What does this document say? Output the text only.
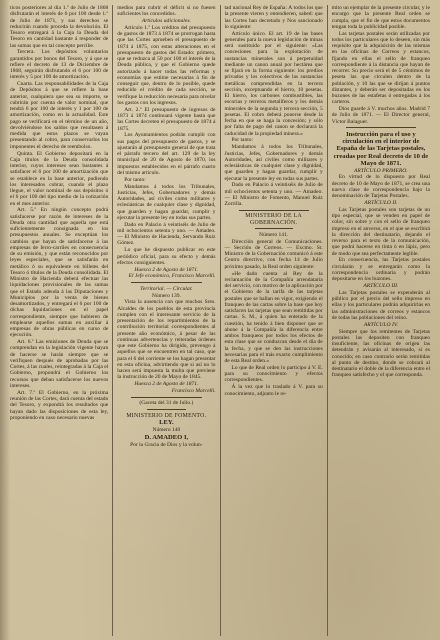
ticos posteriores al dia 1.º de Julio de 1868 disfrutarán el interés de 6 por 100 desde 1.º de Julio de 1871, y sus derechos se reducirán cuando proceda la devolución. El Tesoro entregará á la Caja la Deuda del Tesoro en cantidad bastante á responder de las sumas que en tal concepto percibe.

Tercera. Los depósitos voluntarios garantidos por bonos del Tesoro, y á que se refiere el decreto de 13 de Diciembre de 1868, seguirán disfrutando el 6 por 100 de interés y 5 por 100 de amortización.

Cuarta. Las responsabilidades de la Caja de Depósitos á que se refiere la base anterior, cualquiera que sea su importe, se cubrirán por cuenta de valor nominal, que tendrá 6 por 100 de interés y 1 por 100 de amortización, como en la actualidad. Este pago se verificará en el término de un año, devolviéndose los saldos que resultasen á medida que estos plazos se vayan presentando al cobro, para conservarlos los imponentes el derecho de reembolso.

Quinta. El Gobierno depositará en la Caja títulos de la Deuda consolidada interior, cuyos intereses sean bastantes á satisfacer el 6 por 100 de amortización que se establece en la base anterior, pudiendo los interesados cobrar, cuando el plazo llegue, el valor nominal de sus depósitos ó el 6 por 100 del tipo medio de la cotización en el mes anterior.

Art. 5.º En ningún concepto podrá satisfacerse por razón de intereses de la Deuda otra cantidad que aquella que está suficientemente consignada en los presupuestos anuales. Se exceptúan los cambios que hayan de satisfacerse á las empresas de ferro-carriles en consecuencia de su emisión, y que están reconocidos por leyes especiales, que se satisfarán en metálico ó su equivalente en billetes del Tesoro ó títulos de la Deuda consolidada. El Ministro de Hacienda deberá efectuar las liquidaciones provisionales de las sumas que el Estado adeuda á las Diputaciones y Municipios por la venta de bienes desamortizados, y entregará el 6 por 100 de dichas liquidaciones en el papel correspondiente, siempre que hubieren de emplearse aquellos sumas en auxiliar á empresas de obras públicas en curso de ejecución.

Art. 6.º Las emisiones de Deuda que se comprendan en la legislación vigente hayan de hacerse se harán siempre que se verifiquen después de aprobadas por las Cortes, á las cuales, reintegradas á la Caja el Gobierno, propondrá el Gobierno los recursos que deban satisfacerse los nuevos intereses.

Art. 7.º El Gobierno, en la próxima reunión de las Cortes, dará cuenta del estado del Tesoro, y expondrá los resultados que hayan dado las disposiciones de esta ley, proponiendo en caso necesario nuevas

medios para cubrir el déficit si no fuesen suficientes los concedidos.

Artículos adicionales.

Artículo 1.º Los créditos del presupuesto de gastos de 1873 á 1874 se prorrogan hasta que las Cortes aprueben el presupuesto de 1874 á 1875, con estas alteraciones en el presupuesto de gastos del Estado: primero, que se reduzca al 50 por 100 el interés de la Deuda pública, y que el Gobierno quede autorizado á hacer todas las reformas y economías que estime necesarias á fin de conseguir que, dentro de lo posible, quede reducido el crédito de cada sección, se verifique la reducción necesaria para nivelar los gastos con los ingresos.

Art. 2.º El presupuesto de ingresos de 1873 á 1874 continuará vigente hasta que las Cortes decreten el presupuesto de 1874 á 1875.

Los Ayuntamientos podrán cumplir con sus pagos del presupuesto de gastos, y se ajustarán al presupuesto general de que trata el párrafo tercero del art. 129 de la ley municipal de 20 de Agosto de 1870, los impuestos establecidos en el párrafo cuarto del mismo artículo.

Por tanto:

Mandamos á todos los Tribunales, Justicias, Jefes, Gobernadores y demás Autoridades, así civiles como militares y eclesiásticas de cualquier clase y dignidad, que guarden y hagan guardar, cumplir y ejecutar la presente ley en todas sus partes.

Dado en Palacio á veintiséis de Julio de mil ochocientos setenta y uno. — Amadeo. — El Ministro de Hacienda, Servando Ruiz Gómez.

Lo que he dispuesto publicar en este periódico oficial, para su efecto y demás efectos consiguientes.

Huesca 2 de Agosto de 1871.

El Jefe económico, Francisco Marcelli.

Territorial. — Circular.

Número 139.

Vista la ausencia con que muchos Sres. Alcaldes de los pueblos de esta provincia cumplen con el interesante servicio de la presentación de los repartimientos de la contribución territorial correspondientes al presente año económico, á pesar de las continuas advertencias y reiteradas órdenes que este Gobierno ha dirigido, prevengo á aquellos que se encuentren en tal caso, que para el 6 del corriente se los hagan presentar en esta oficina, advirtiendo que si así no lo hacen será impuesta la multa que previene la instrucción de 20 de Mayo de 1845.

Huesca 2 de Agosto de 1871.

Francisco Marcelli.

(Gaceta del 31 de Julio.)

MINISTERIO DE FOMENTO.

LEY.

Número 140

D. AMADEO I,

Por la Gracia de Dios y la volun-

tad nacional Rey de España: Á todos los que la presente vieren y entendieren, sabed: que las Cortes han decretado y Nos sancionado lo siguiente:

Artículo único. El art. 19 de las bases generales para la nueva legislación de minas será sustituido por el siguiente: «Las concesiones para la explotación de sustancias minerales son á perpetuidad mediante un canon anual por hectárea que se fijará en la forma siguiente: los predios privados y los colectivos de las sustancias metálicas comprendidas en la tercera sección, exceptuando el hierro, 10 pesetas. El hierro, los carbones combustibles, las escorias y terreros metalíferos y los demás minerales de la segunda y tercera sección, 5 pesetas. El cobro deberá ponerse desde la fecha en que se haga la concesión; y sólo por falta de pago del canon se declarará la caducidad de la propiedad minera.»

Por tanto:

Mandamos á todos los Tribunales, Justicias, Jefes, Gobernadores y demás Autoridades, así civiles como militares y eclesiásticas de cualquier clase y dignidad, que guarden y hagan guardar, cumplir y ejecutar la presente ley en todas sus partes.

Dado en Palacio á veintiséis de Julio de mil ochocientos setenta y uno. — Amadeo. — El Ministro de Fomento, Manuel Ruiz Zorrilla.

MINISTERIO DE LA GOBERNACIÓN.

Número 141.

Dirección general de Comunicaciones. — Sección de Correos. — Excmo. Sr. Ministro de la Gobernación comunicó á este Centro directivo, con fecha 14 de Julio próximo pasado, la Real orden siguiente:

«He dado cuenta al Rey de la reclamación de la Compañía arrendataria del servicio, con motivo de la aplicación por el Gobierno de la tarifa de las tarjetas postales que se hallan en vigor, exigiendo el franqueo de las cartas sobre la base que hoy satisfacen las tarjetas que sean remitidas por cartas. S. M., á quien ha enterado de la cuestión, ha tenido á bien disponer que se abone á la Compañía la diferencia entre ambos franqueos por todos los efectos de esta clase que se conduzcan desde el día de la fecha, y que se den las instrucciones necesarias para el más exacto cumplimiento de esta Real orden.»

Lo que de Real orden lo participo á V. E. para su conocimiento y efectos correspondientes.

Á la vez que lo traslado á V. para su conocimiento, adjunto le re-

mito un ejemplar de la presente circular, y le encargo que la presente Real orden se cumpla, que el fin de que estos documentos tengan toda la publicidad posible.

Las tarjetas postales serán utilizadas por todos los particulares que lo deseen, sin más requisito que la adquisición de las mismas en las oficinas de Correos y estancos, fijando en ellas el sello de franqueo correspondiente á la distancia que hayan de recorrer. Su precio será el de 5 céntimos de peseta las que circulen dentro de la población, y 10 las que se dirijan á puntos distantes, y deberán ser depositadas en los buzones de las estafetas ó entregadas á los carteros.

Dios guarde á V. muchos años. Madrid 7 de Julio de 1871. — El Director general, Víctor Balaguer.

Instrucción para el uso y circulación en el interior de España de las Tarjetas postales, creadas por Real decreto de 10 de Mayo de 1871.

ARTÍCULO PRIMERO.

En virtud de lo dispuesto por Real decreto de 10 de Mayo de 1871, se crea una nueva clase de correspondencia bajo la denominación de Tarjetas Postales.

ARTÍCULO II.

Las Tarjetas postales son tarjetas de un tipo especial, que se venden en papel de color, sin sobre y con el sello de franqueo impreso en el anverso, en el que se escribirá la dirección del destinatario, dejando el reverso para el texto de la comunicación, que podrá hacerse en tinta ó en lápiz, pero de modo que sea perfectamente legible.

En consecuencia, las Tarjetas postales circularán y se entregarán como la correspondencia ordinaria y podrán depositarse en los buzones.

ARTÍCULO III.

Las Tarjetas postales se expenderán al público por el precio del sello impreso en ellas y los particulares podrán adquirirlas en las administraciones de correos y estancos de todas las poblaciones del reino.

ARTÍCULO IV.

Siempre que los remitentes de Tarjetas postales las depositen con franqueo insuficiente, las oficinas de origen las detendrán y avisarán al interesado, si es conocido; en caso contrario serán remitidas al punto de destino, donde se cobrará al destinatario el doble de la diferencia entre el franqueo satisfecho y el que corresponda.
